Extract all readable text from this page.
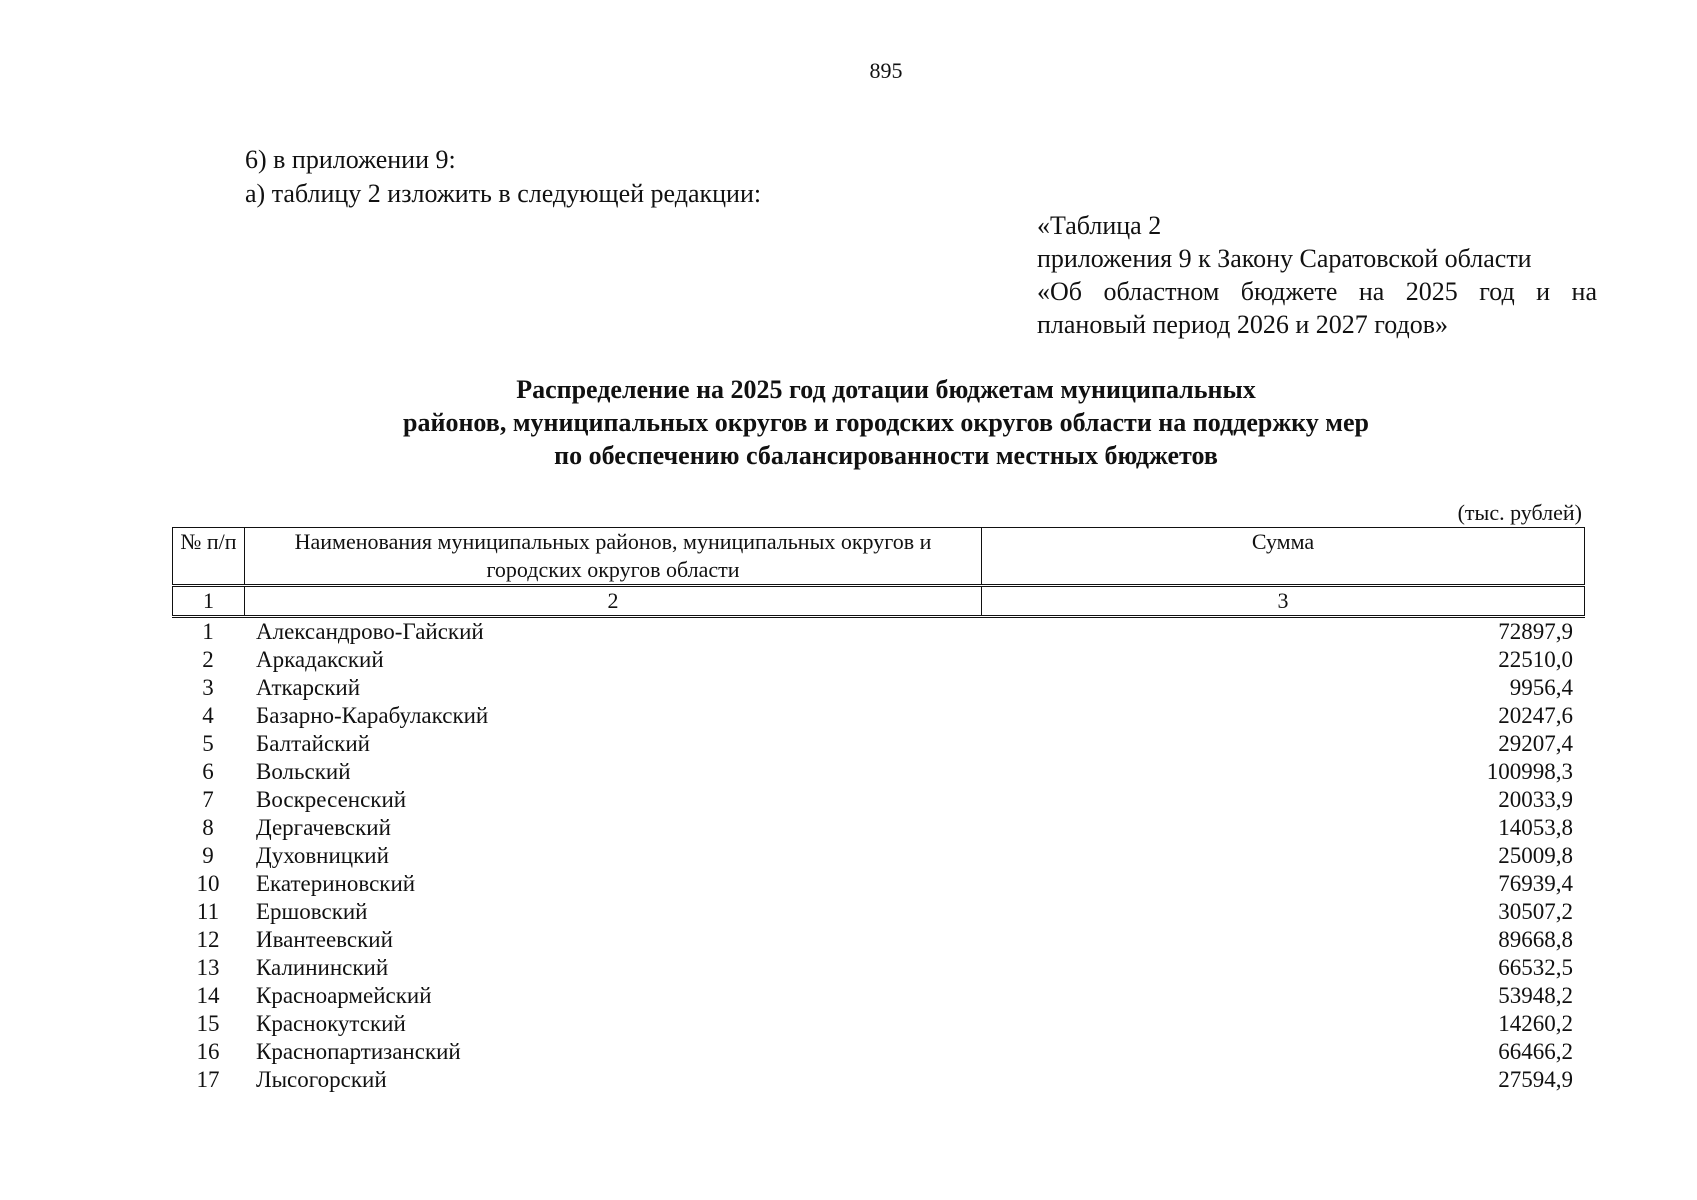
895
6) в приложении 9:
а) таблицу 2 изложить в следующей редакции:
«Таблица 2
приложения 9 к Закону Саратовской области
«Об областном бюджете на 2025 год и на
плановый период 2026 и 2027 годов»
Распределение на 2025 год дотации бюджетам муниципальных
районов, муниципальных округов и городских округов области на поддержку мер
по обеспечению сбалансированности местных бюджетов
(тыс. рублей)
№ п/п	Наименования муниципальных районов, муниципальных округов и городских округов области	Сумма
1	2	3
1	Александрово-Гайский	72897,9
2	Аркадакский	22510,0
3	Аткарский	9956,4
4	Базарно-Карабулакский	20247,6
5	Балтайский	29207,4
6	Вольский	100998,3
7	Воскресенский	20033,9
8	Дергачевский	14053,8
9	Духовницкий	25009,8
10	Екатериновский	76939,4
11	Ершовский	30507,2
12	Ивантеевский	89668,8
13	Калининский	66532,5
14	Красноармейский	53948,2
15	Краснокутский	14260,2
16	Краснопартизанский	66466,2
17	Лысогорский	27594,9
